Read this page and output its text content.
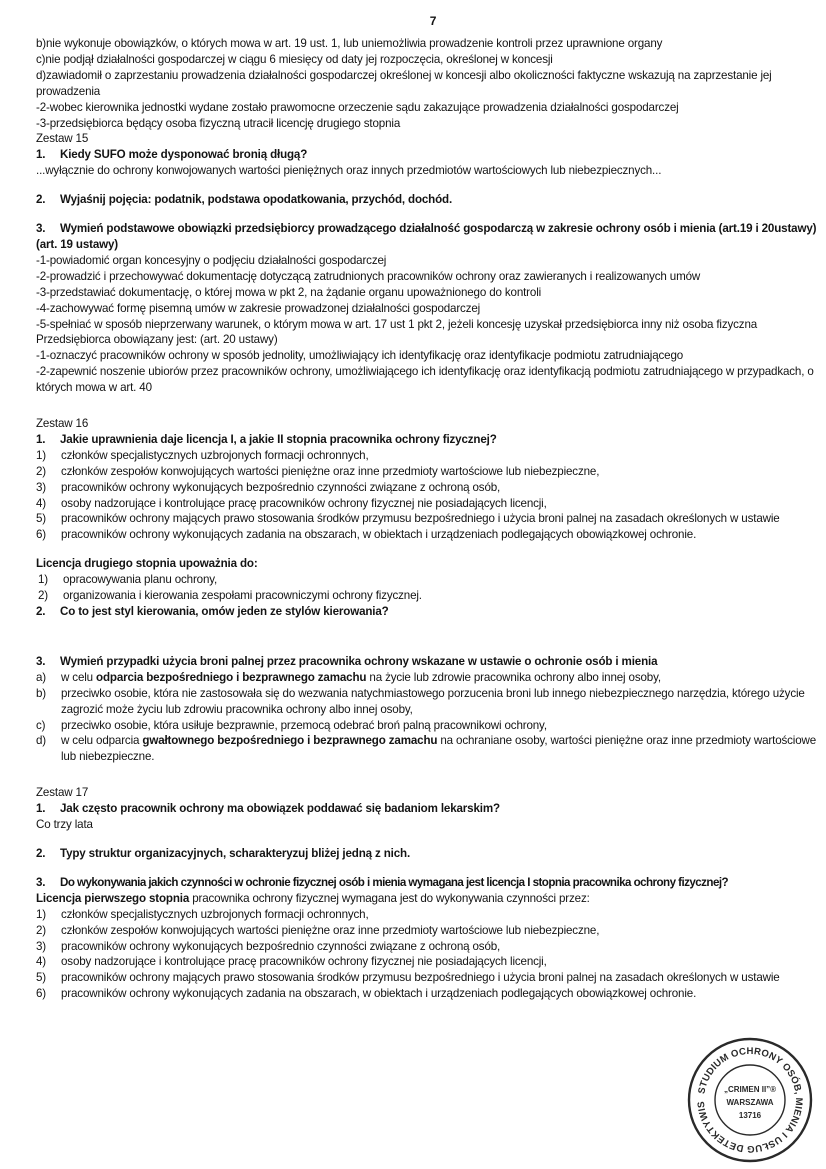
7
b)nie wykonuje obowiązków, o których mowa w art. 19 ust. 1, lub uniemożliwia prowadzenie kontroli przez uprawnione organy
c)nie podjął działalności gospodarczej w ciągu 6 miesięcy od daty jej rozpoczęcia, określonej w koncesji
d)zawiadomił o zaprzestaniu prowadzenia działalności gospodarczej określonej w koncesji albo okoliczności faktyczne wskazują na zaprzestanie jej prowadzenia
-2-wobec kierownika jednostki wydane zostało prawomocne orzeczenie sądu zakazujące prowadzenia działalności gospodarczej
-3-przedsiębiorca będący osoba fizyczną utracił licencję drugiego stopnia
Zestaw 15
1.	Kiedy SUFO może dysponować bronią długą?
...wyłącznie do ochrony konwojowanych wartości pieniężnych oraz innych przedmiotów wartościowych lub niebezpiecznych...
2.	Wyjaśnij pojęcia: podatnik, podstawa opodatkowania, przychód, dochód.
3.	Wymień podstawowe obowiązki przedsiębiorcy prowadzącego działalność gospodarczą w zakresie ochrony osób i mienia (art.19 i 20ustawy)
(art. 19 ustawy)
-1-powiadomić organ koncesyjny o podjęciu działalności gospodarczej
-2-prowadzić i przechowywać dokumentację dotyczącą zatrudnionych pracowników ochrony oraz zawieranych i realizowanych umów
-3-przedstawiać dokumentację, o której mowa w pkt 2, na żądanie organu upoważnionego do kontroli
-4-zachowywać formę pisemną umów w zakresie prowadzonej działalności gospodarczej
-5-spełniać w sposób nieprzerwany warunek, o którym mowa w art. 17 ust 1 pkt 2, jeżeli koncesję uzyskał przedsiębiorca inny niż osoba fizyczna
Przedsiębiorca obowiązany jest: (art. 20 ustawy)
-1-oznaczyć pracowników ochrony w sposób jednolity, umożliwiający ich identyfikację oraz identyfikacje podmiotu zatrudniającego
-2-zapewnić noszenie ubiorów przez pracowników ochrony, umożliwiającego ich identyfikację oraz identyfikacją podmiotu zatrudniającego w przypadkach, o których mowa w art. 40
Zestaw 16
1.	Jakie uprawnienia daje licencja I, a jakie II stopnia pracownika ochrony fizycznej?
1)	członków specjalistycznych uzbrojonych formacji ochronnych,
2)	członków zespołów konwojujących wartości pieniężne oraz inne przedmioty wartościowe lub niebezpieczne,
3)	pracowników ochrony wykonujących bezpośrednio czynności związane z ochroną osób,
4)	osoby nadzorujące i kontrolujące pracę pracowników ochrony fizycznej nie posiadających licencji,
5)	pracowników ochrony mających prawo stosowania środków przymusu bezpośredniego i użycia broni palnej na zasadach określonych w ustawie
6)	pracowników ochrony wykonujących zadania na obszarach, w obiektach i urządzeniach podlegających obowiązkowej ochronie.
Licencja drugiego stopnia upoważnia do:
1)	opracowywania planu ochrony,
2)	organizowania i kierowania zespołami pracowniczymi ochrony fizycznej.
2.	Co to jest styl kierowania, omów jeden ze stylów kierowania?
3.	Wymień przypadki użycia broni palnej przez pracownika ochrony wskazane w ustawie o ochronie osób i mienia
a)	w celu odparcia bezpośredniego i bezprawnego zamachu na życie lub zdrowie pracownika ochrony albo innej osoby,
b)	przeciwko osobie, która nie zastosowała się do wezwania natychmiastowego porzucenia broni lub innego niebezpiecznego narzędzia, którego użycie zagrozić może życiu lub zdrowiu pracownika ochrony albo innej osoby,
c)	przeciwko osobie, która usiłuje bezprawnie, przemocą odebrać broń palną pracownikowi ochrony,
d)	w celu odparcia gwałtownego bezpośredniego i bezprawnego zamachu na ochraniane osoby, wartości pieniężne oraz inne przedmioty wartościowe lub niebezpieczne.
Zestaw 17
1.	Jak często pracownik ochrony ma obowiązek poddawać się badaniom lekarskim?
Co trzy lata
2.	Typy struktur organizacyjnych, scharakteryzuj bliżej jedną z nich.
3.	Do wykonywania jakich czynności w ochronie fizycznej osób i mienia wymagana jest licencja I stopnia pracownika ochrony fizycznej?
Licencja pierwszego stopnia pracownika ochrony fizycznej wymagana jest do wykonywania czynności przez:
1)	członków specjalistycznych uzbrojonych formacji ochronnych,
2)	członków zespołów konwojujących wartości pieniężne oraz inne przedmioty wartościowe lub niebezpieczne,
3)	pracowników ochrony wykonujących bezpośrednio czynności związane z ochroną osób,
4)	osoby nadzorujące i kontrolujące pracę pracowników ochrony fizycznej nie posiadających licencji,
5)	pracowników ochrony mających prawo stosowania środków przymusu bezpośredniego i użycia broni palnej na zasadach określonych w ustawie
6)	pracowników ochrony wykonujących zadania na obszarach, w obiektach i urządzeniach podlegających obowiązkowej ochronie.
STUDIUM OCHRONY OSÓB, MIENIA I USŁUG DETEKTYWIS
„CRIMEN II”®
WARSZAWA
13716
